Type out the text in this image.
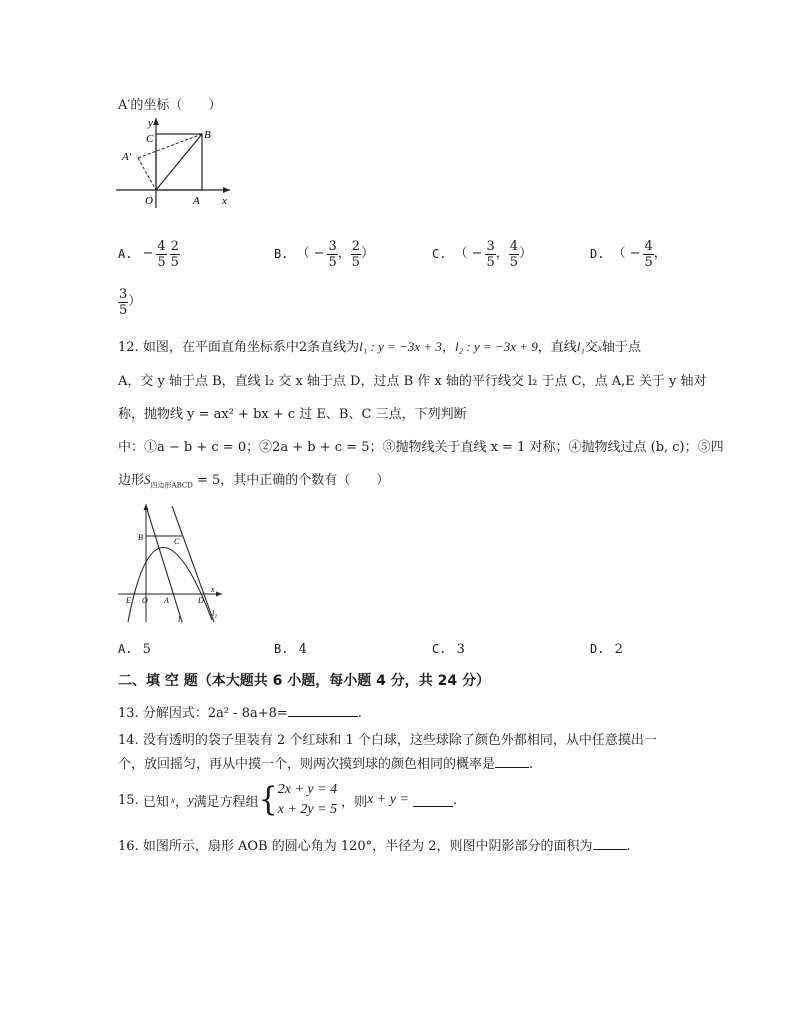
A′的坐标（　　）
y
C	B
A′
O	A x
A. − $\frac{4}{5} \frac{2}{5}$	B. （ − $\frac{3}{5}$ ， $\frac{2}{5}$ ）	C. （ − $\frac{3}{5}$ ， $\frac{4}{5}$ ）	D. （ − $\frac{4}{5}$ ，
$\frac{3}{5}$ ）
12. 如图，在平面直角坐标系中2条直线为l₁ : y = −3x + 3，l₂ : y = −3x + 9，直线l₁交x轴于点
A，交 y 轴于点 B，直线 l₂ 交 x 轴于点 D，过点 B 作 x 轴的平行线交 l₂ 于点 C，点 A,E 关于 y 轴对
称，抛物线 y = ax² + bx + c 过 E、B、C 三点，下列判断
中：①a − b + c = 0；②2a + b + c = 5；③抛物线关于直线 x = 1 对称；④抛物线过点 (b, c)；⑤四
边形$S_{四边形ABCD} = 5$，其中正确的个数有（　　）
B	C
E O A	D
x
l₁
l₂
A. 5	B. 4	C. 3	D. 2
二、填 空 题（本大题共 6 小题，每小题 4 分，共 24 分）
13. 分解因式：2a² - 8a+8=	.
14. 没有透明的袋子里装有 2 个红球和 1 个白球，这些球除了颜色外都相同，从中任意摸出一
个，放回摇匀，再从中摸一个，则两次摸到球的颜色相同的概率是	.
15.
已知 x ， y 满足方程组 { 2x + y = 4
x + 2y = 5 ，则 x + y =	.
16. 如图所示，扇形 AOB 的圆心角为 120°，半径为 2，则图中阴影部分的面积为	.
